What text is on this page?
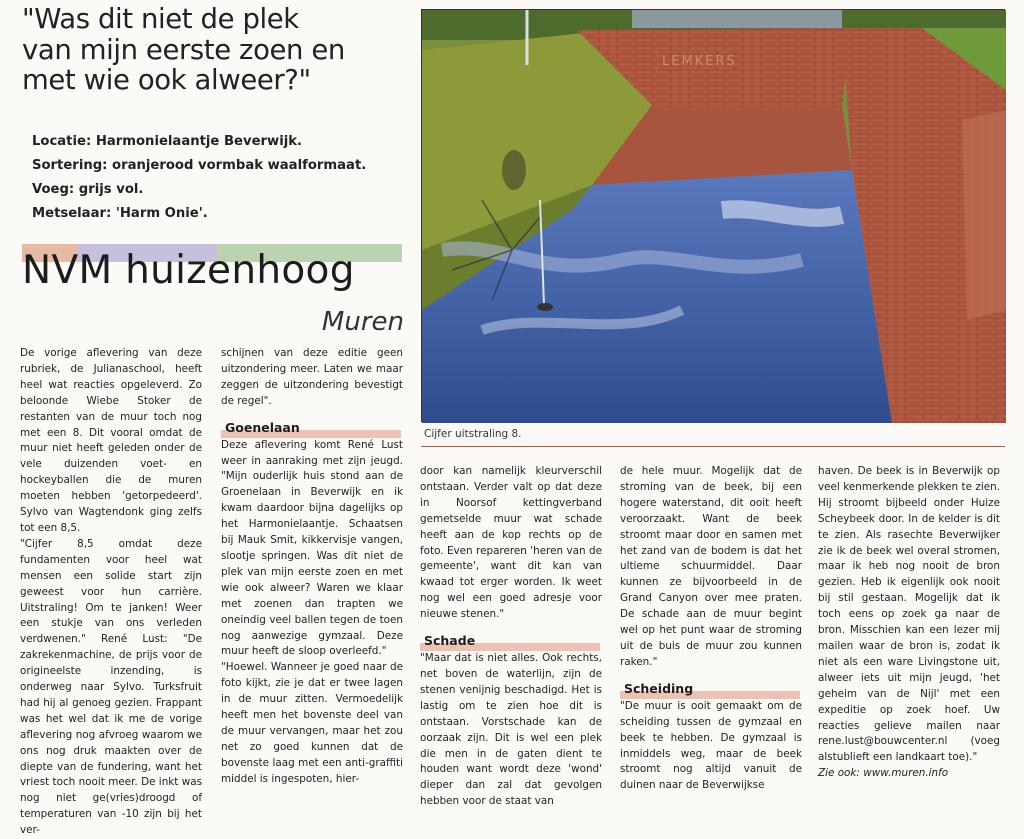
"Was dit niet de plek
van mijn eerste zoen en
met wie ook alweer?"
Locatie: Harmonielaantje Beverwijk.
Sortering: oranjerood vormbak waalformaat.
Voeg: grijs vol.
Metselaar: 'Harm Onie'.
NVM huizenhoog
Muren
LEMKERS
Cijfer uitstraling 8.

De vorige aflevering van deze rubriek, de Julianaschool, heeft heel wat reacties opgeleverd. Zo beloonde Wiebe Stoker de restanten van de muur toch nog met een 8. Dit vooral omdat de muur niet heeft geleden onder de vele duizenden voet- en hockeyballen die de muren moeten hebben 'getorpedeerd'. Sylvo van Wagtendonk ging zelfs tot een 8,5.

"Cijfer 8,5 omdat deze fundamenten voor heel wat mensen een solide start zijn geweest voor hun carrière. Uitstraling! Om te janken! Weer een stukje van ons verleden verdwenen." René Lust: "De zakrekenmachine, de prijs voor de origineelste inzending, is onderweg naar Sylvo. Turksfruit had hij al genoeg gezien. Frappant was het wel dat ik me de vorige aflevering nog afvroeg waarom we ons nog druk maakten over de diepte van de fundering, want het vriest toch nooit meer. De inkt was nog niet ge(vries)droogd of temperaturen van -10 zijn bij het ver-

schijnen van deze editie geen uitzondering meer. Laten we maar zeggen de uitzondering bevestigt de regel".

Goenelaan

Deze aflevering komt René Lust weer in aanraking met zijn jeugd. "Mijn ouderlijk huis stond aan de Groenelaan in Beverwijk en ik kwam daardoor bijna dagelijks op het Harmonielaantje. Schaatsen bij Mauk Smit, kikkervisje vangen, slootje springen. Was dit niet de plek van mijn eerste zoen en met wie ook alweer? Waren we klaar met zoenen dan trapten we oneindig veel ballen tegen de toen nog aanwezige gymzaal. Deze muur heeft de sloop overleefd."

"Hoewel. Wanneer je goed naar de foto kijkt, zie je dat er twee lagen in de muur zitten. Vermoedelijk heeft men het bovenste deel van de muur vervangen, maar het zou net zo goed kunnen dat de bovenste laag met een anti-graffiti middel is ingespoten, hier-

door kan namelijk kleurverschil ontstaan. Verder valt op dat deze in Noorsof kettingverband gemetselde muur wat schade heeft aan de kop rechts op de foto. Even repareren 'heren van de gemeente', want dit kan van kwaad tot erger worden. Ik weet nog wel een goed adresje voor nieuwe stenen."

Schade

"Maar dat is niet alles. Ook rechts, net boven de waterlijn, zijn de stenen venijnig beschadigd. Het is lastig om te zien hoe dit is ontstaan. Vorstschade kan de oorzaak zijn. Dit is wel een plek die men in de gaten dient te houden want wordt deze 'wond' dieper dan zal dat gevolgen hebben voor de staat van

de hele muur. Mogelijk dat de stroming van de beek, bij een hogere waterstand, dit ooit heeft veroorzaakt. Want de beek stroomt maar door en samen met het zand van de bodem is dat het ultieme schuurmiddel. Daar kunnen ze bijvoorbeeld in de Grand Canyon over mee praten. De schade aan de muur begint wel op het punt waar de stroming uit de buis de muur zou kunnen raken."

Scheiding

"De muur is ooit gemaakt om de scheiding tussen de gymzaal en beek te hebben. De gymzaal is inmiddels weg, maar de beek stroomt nog altijd vanuit de duinen naar de Beverwijkse

haven. De beek is in Beverwijk op veel kenmerkende plekken te zien. Hij stroomt bijbeeld onder Huize Scheybeek door. In de kelder is dit te zien. Als rasechte Beverwijker zie ik de beek wel overal stromen, maar ik heb nog nooit de bron gezien. Heb ik eigenlijk ook nooit bij stil gestaan. Mogelijk dat ik toch eens op zoek ga naar de bron. Misschien kan een lezer mij mailen waar de bron is, zodat ik niet als een ware Livingstone uit, alweer iets uit mijn jeugd, 'het geheim van de Nijl' met een expeditie op zoek hoef. Uw reacties gelieve mailen naar rene.lust@bouwcenter.nl (voeg alstublieft een landkaart toe)."

Zie ook: www.muren.info
